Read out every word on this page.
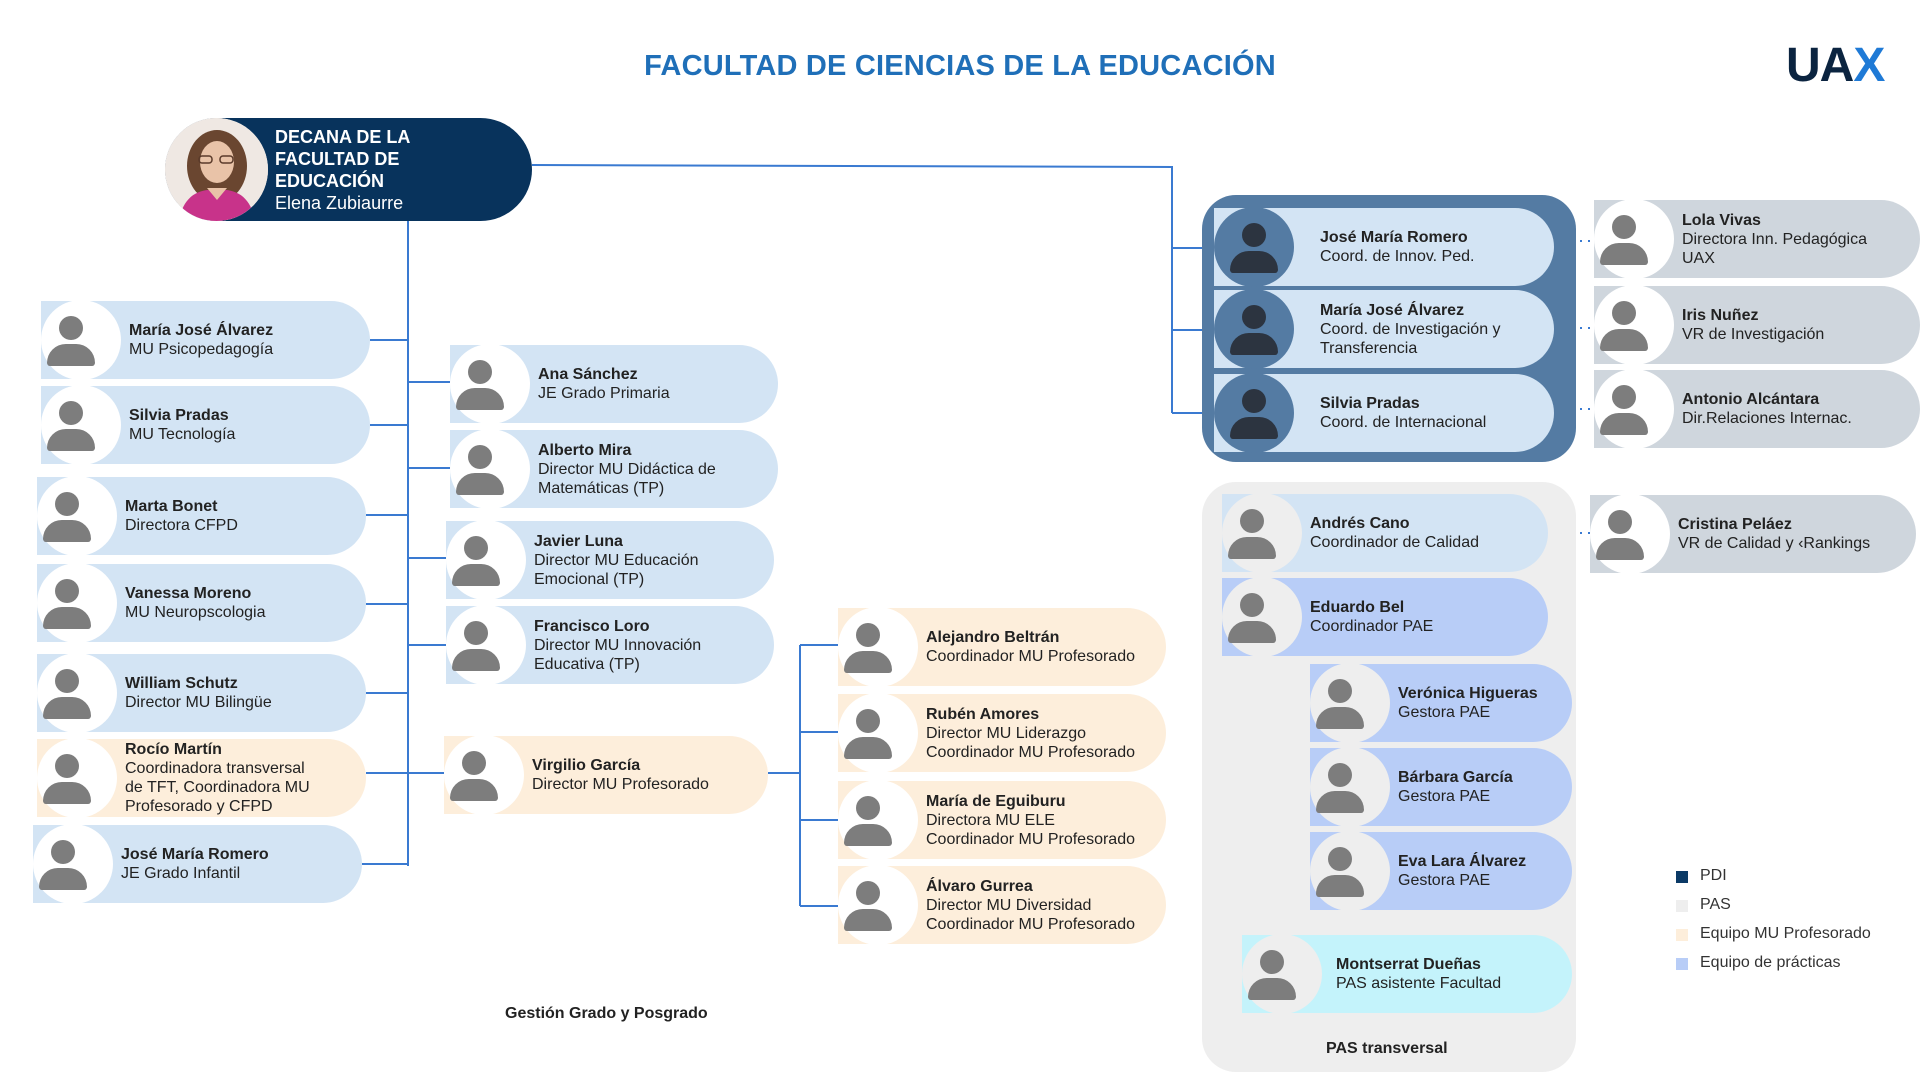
FACULTAD DE CIENCIAS DE LA EDUCACIÓN	UAX
DECANA DE LA FACULTAD DE EDUCACIÓN
Elena Zubiaurre
María José Álvarez
MU Psicopedagogía
Silvia Pradas
MU Tecnología
Marta Bonet
Directora CFPD
Vanessa Moreno
MU Neuropscologia
William Schutz
Director MU Bilingüe
Rocío Martín
Coordinadora transversal
de TFT, Coordinadora MU
Profesorado y CFPD
José María Romero
JE Grado Infantil
Ana Sánchez
JE Grado Primaria
Alberto Mira
Director MU Didáctica de
Matemáticas (TP)
Javier Luna
Director MU Educación
Emocional (TP)
Francisco Loro
Director MU Innovación
Educativa (TP)
Virgilio García
Director MU Profesorado
Alejandro Beltrán
Coordinador MU Profesorado
Rubén Amores
Director MU Liderazgo
Coordinador MU Profesorado
María de Eguiburu
Directora MU ELE
Coordinador MU Profesorado
Álvaro Gurrea
Director MU Diversidad
Coordinador MU Profesorado
Gestión Grado y Posgrado
José María Romero
Coord. de Innov. Ped.
María José Álvarez
Coord. de Investigación y
Transferencia
Silvia Pradas
Coord. de Internacional
Lola Vivas
Directora Inn. Pedagógica UAX
Iris Nuñez
VR de Investigación
Antonio Alcántara
Dir.Relaciones Internac.
Cristina Peláez
VR de Calidad y ‹Rankings
Andrés Cano
Coordinador de Calidad
Eduardo Bel
Coordinador PAE
Verónica Higueras
Gestora PAE
Bárbara García
Gestora PAE
Eva Lara Álvarez
Gestora PAE
Montserrat Dueñas
PAS asistente Facultad
PAS transversal
PDI
PAS
Equipo MU Profesorado
Equipo de prácticas
